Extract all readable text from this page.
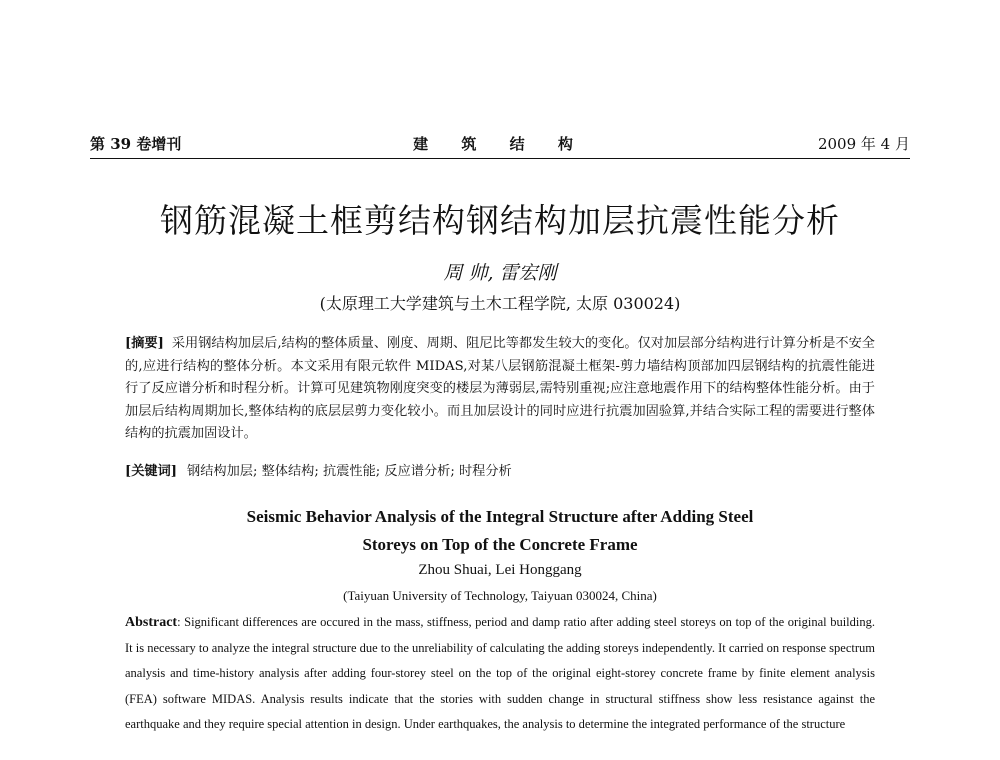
第 39 卷增刊	建 筑 结 构	2009 年 4 月
钢筋混凝土框剪结构钢结构加层抗震性能分析
周 帅, 雷宏刚
(太原理工大学建筑与土木工程学院, 太原 030024)
[摘要] 采用钢结构加层后,结构的整体质量、刚度、周期、阻尼比等都发生较大的变化。仅对加层部分结构进行计算分析是不安全的,应进行结构的整体分析。本文采用有限元软件 MIDAS,对某八层钢筋混凝土框架-剪力墙结构顶部加四层钢结构的抗震性能进行了反应谱分析和时程分析。计算可见建筑物刚度突变的楼层为薄弱层,需特别重视;应注意地震作用下的结构整体性能分析。由于加层后结构周期加长,整体结构的底层层剪力变化较小。而且加层设计的同时应进行抗震加固验算,并结合实际工程的需要进行整体结构的抗震加固设计。
[关键词] 钢结构加层; 整体结构; 抗震性能; 反应谱分析; 时程分析
Seismic Behavior Analysis of the Integral Structure after Adding Steel
Storeys on Top of the Concrete Frame
Zhou Shuai, Lei Honggang
(Taiyuan University of Technology, Taiyuan 030024, China)
Abstract: Significant differences are occured in the mass, stiffness, period and damp ratio after adding steel storeys on top of the original building. It is necessary to analyze the integral structure due to the unreliability of calculating the adding storeys independently. It carried on response spectrum analysis and time-history analysis after adding four-storey steel on the top of the original eight-storey concrete frame by finite element analysis (FEA) software MIDAS. Analysis results indicate that the stories with sudden change in structural stiffness show less resistance against the earthquake and they require special attention in design. Under earthquakes, the analysis to determine the integrated performance of the structure
